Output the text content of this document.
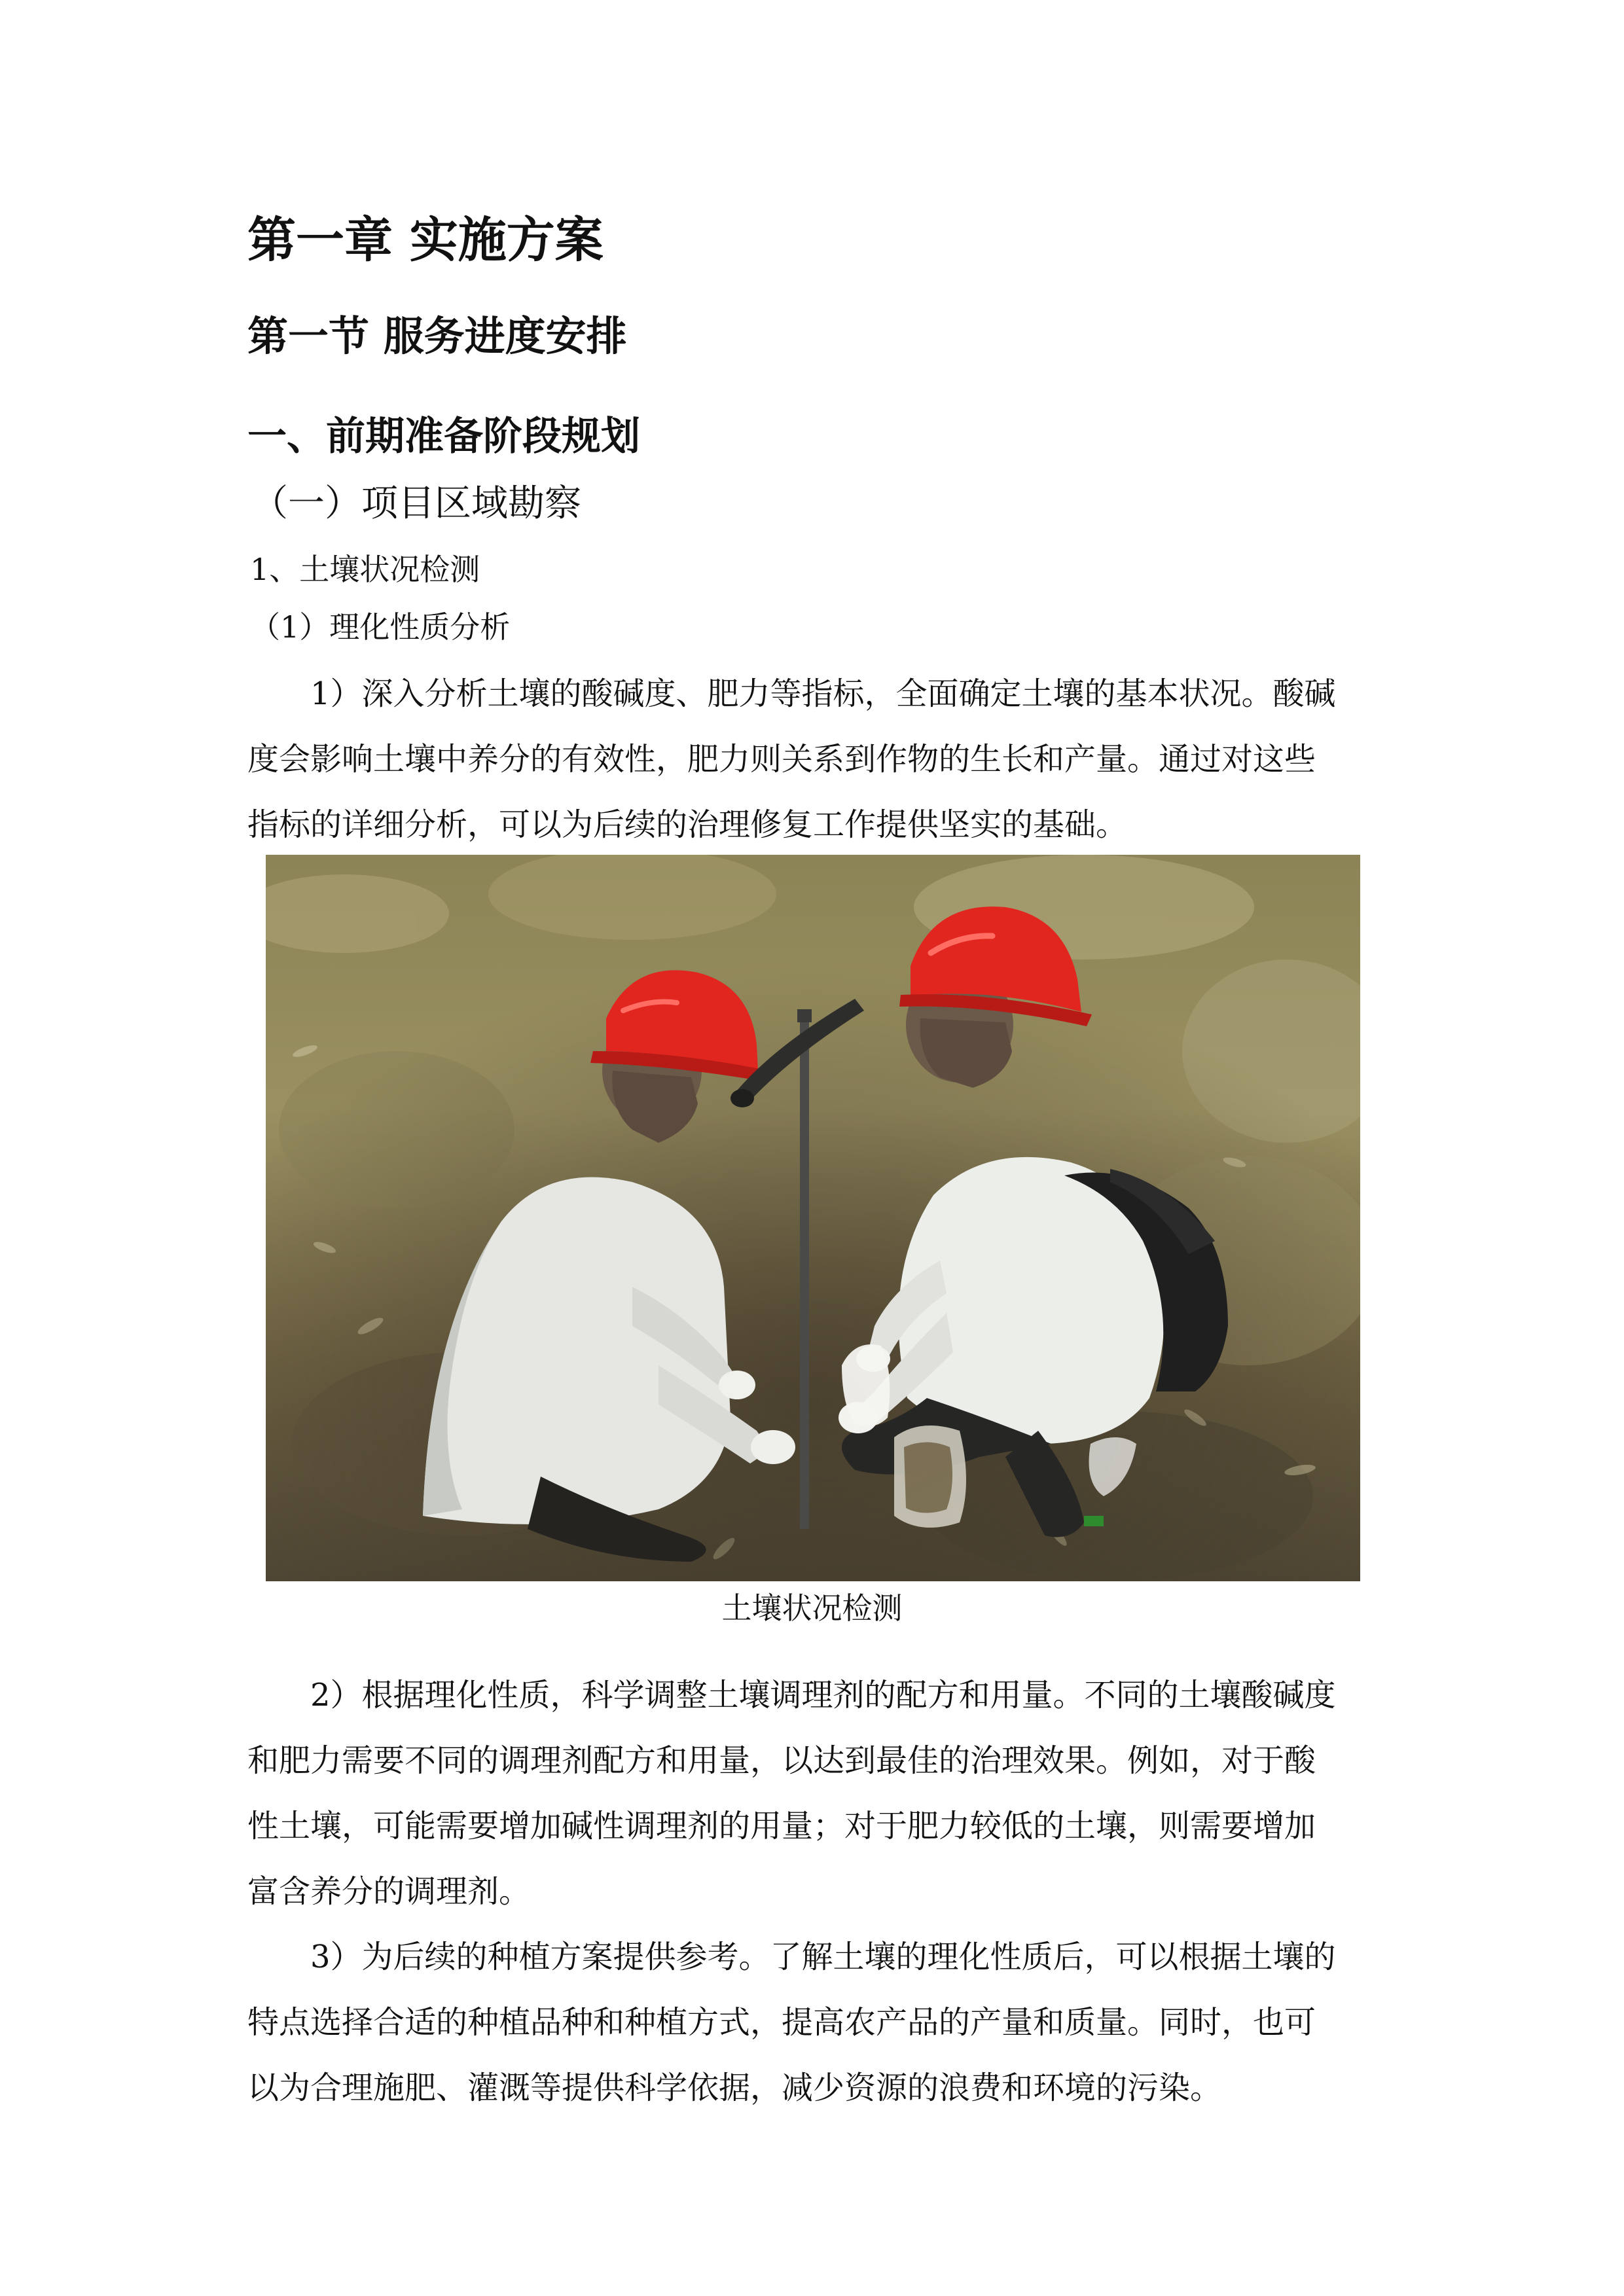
第一章 实施方案
第一节 服务进度安排
一、前期准备阶段规划
（一）项目区域勘察
1、土壤状况检测
（1）理化性质分析
1）深入分析土壤的酸碱度、肥力等指标，全面确定土壤的基本状况。酸碱
度会影响土壤中养分的有效性，肥力则关系到作物的生长和产量。通过对这些
指标的详细分析，可以为后续的治理修复工作提供坚实的基础。
土壤状况检测
2）根据理化性质，科学调整土壤调理剂的配方和用量。不同的土壤酸碱度
和肥力需要不同的调理剂配方和用量，以达到最佳的治理效果。例如，对于酸
性土壤，可能需要增加碱性调理剂的用量；对于肥力较低的土壤，则需要增加
富含养分的调理剂。
3）为后续的种植方案提供参考。了解土壤的理化性质后，可以根据土壤的
特点选择合适的种植品种和种植方式，提高农产品的产量和质量。同时，也可
以为合理施肥、灌溉等提供科学依据，减少资源的浪费和环境的污染。
